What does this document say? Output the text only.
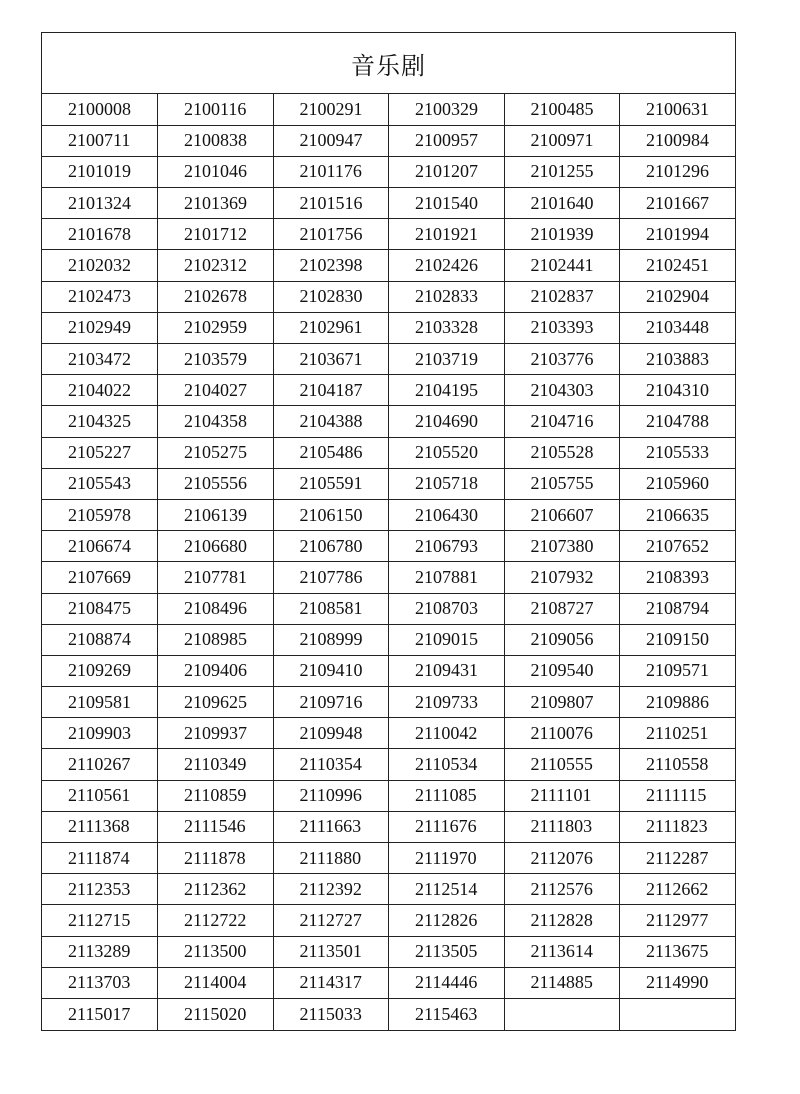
音乐剧
2100008	2100116	2100291	2100329	2100485	2100631
2100711	2100838	2100947	2100957	2100971	2100984
2101019	2101046	2101176	2101207	2101255	2101296
2101324	2101369	2101516	2101540	2101640	2101667
2101678	2101712	2101756	2101921	2101939	2101994
2102032	2102312	2102398	2102426	2102441	2102451
2102473	2102678	2102830	2102833	2102837	2102904
2102949	2102959	2102961	2103328	2103393	2103448
2103472	2103579	2103671	2103719	2103776	2103883
2104022	2104027	2104187	2104195	2104303	2104310
2104325	2104358	2104388	2104690	2104716	2104788
2105227	2105275	2105486	2105520	2105528	2105533
2105543	2105556	2105591	2105718	2105755	2105960
2105978	2106139	2106150	2106430	2106607	2106635
2106674	2106680	2106780	2106793	2107380	2107652
2107669	2107781	2107786	2107881	2107932	2108393
2108475	2108496	2108581	2108703	2108727	2108794
2108874	2108985	2108999	2109015	2109056	2109150
2109269	2109406	2109410	2109431	2109540	2109571
2109581	2109625	2109716	2109733	2109807	2109886
2109903	2109937	2109948	2110042	2110076	2110251
2110267	2110349	2110354	2110534	2110555	2110558
2110561	2110859	2110996	2111085	2111101	2111115
2111368	2111546	2111663	2111676	2111803	2111823
2111874	2111878	2111880	2111970	2112076	2112287
2112353	2112362	2112392	2112514	2112576	2112662
2112715	2112722	2112727	2112826	2112828	2112977
2113289	2113500	2113501	2113505	2113614	2113675
2113703	2114004	2114317	2114446	2114885	2114990
2115017	2115020	2115033	2115463		
